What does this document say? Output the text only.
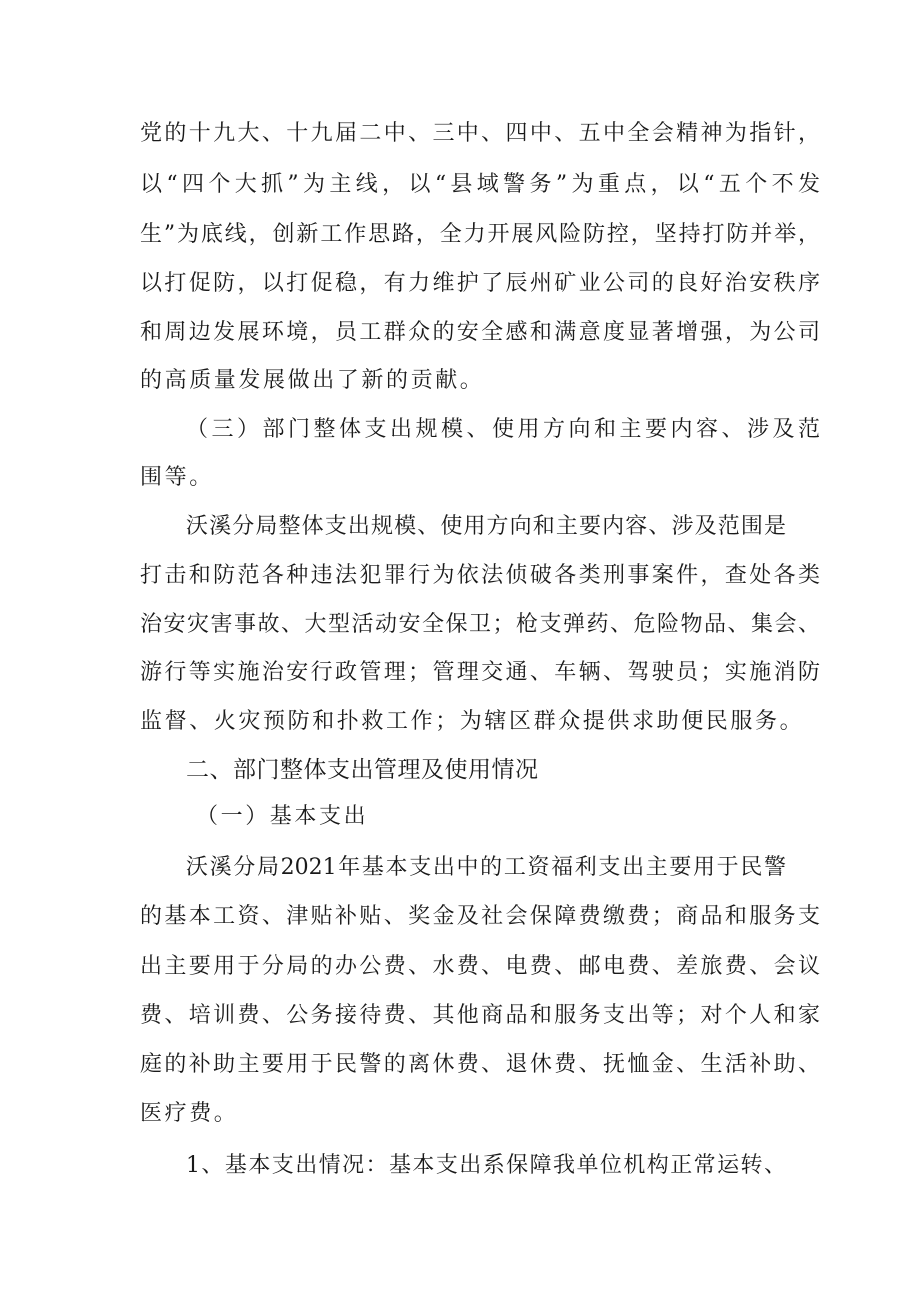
党的十九大、十九届二中、三中、四中、五中全会精神为指针，
以“四个大抓”为主线，以“县域警务”为重点，以“五个不发
生”为底线，创新工作思路，全力开展风险防控，坚持打防并举，
以打促防，以打促稳，有力维护了辰州矿业公司的良好治安秩序
和周边发展环境，员工群众的安全感和满意度显著增强，为公司
的高质量发展做出了新的贡献。
（三）部门整体支出规模、使用方向和主要内容、涉及范
围等。
沃溪分局整体支出规模、使用方向和主要内容、涉及范围是
打击和防范各种违法犯罪行为依法侦破各类刑事案件，查处各类
治安灾害事故、大型活动安全保卫；枪支弹药、危险物品、集会、
游行等实施治安行政管理；管理交通、车辆、驾驶员；实施消防
监督、火灾预防和扑救工作；为辖区群众提供求助便民服务。
二、部门整体支出管理及使用情况
（一）基本支出
沃溪分局2021年基本支出中的工资福利支出主要用于民警
的基本工资、津贴补贴、奖金及社会保障费缴费；商品和服务支
出主要用于分局的办公费、水费、电费、邮电费、差旅费、会议
费、培训费、公务接待费、其他商品和服务支出等；对个人和家
庭的补助主要用于民警的离休费、退休费、抚恤金、生活补助、
医疗费。
1、基本支出情况：基本支出系保障我单位机构正常运转、
